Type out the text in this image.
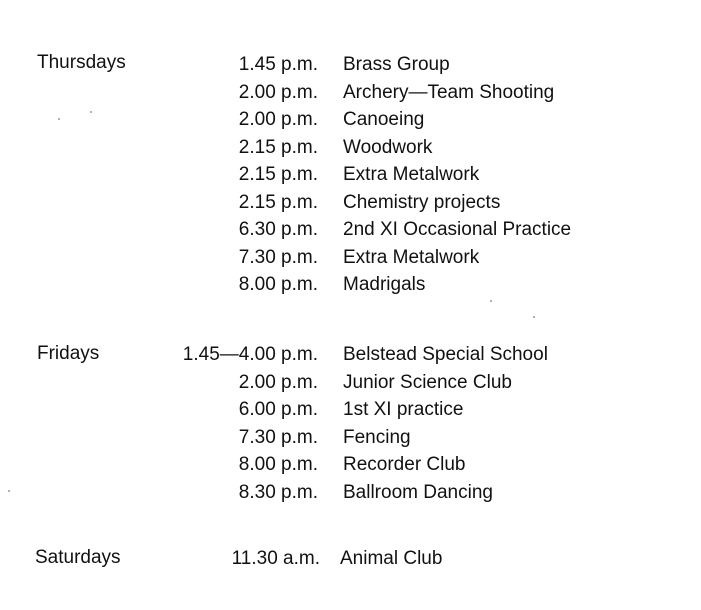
Thursdays	1.45 p.m. Brass Group
2.00 p.m. Archery—Team Shooting
2.00 p.m. Canoeing
2.15 p.m. Woodwork
2.15 p.m. Extra Metalwork
2.15 p.m. Chemistry projects
6.30 p.m. 2nd XI Occasional Practice
7.30 p.m. Extra Metalwork
8.00 p.m. Madrigals
Fridays	1.45—4.00 p.m. Belstead Special School
2.00 p.m. Junior Science Club
6.00 p.m. 1st XI practice
7.30 p.m. Fencing
8.00 p.m. Recorder Club
8.30 p.m. Ballroom Dancing
Saturdays	11.30 a.m. Animal Club
